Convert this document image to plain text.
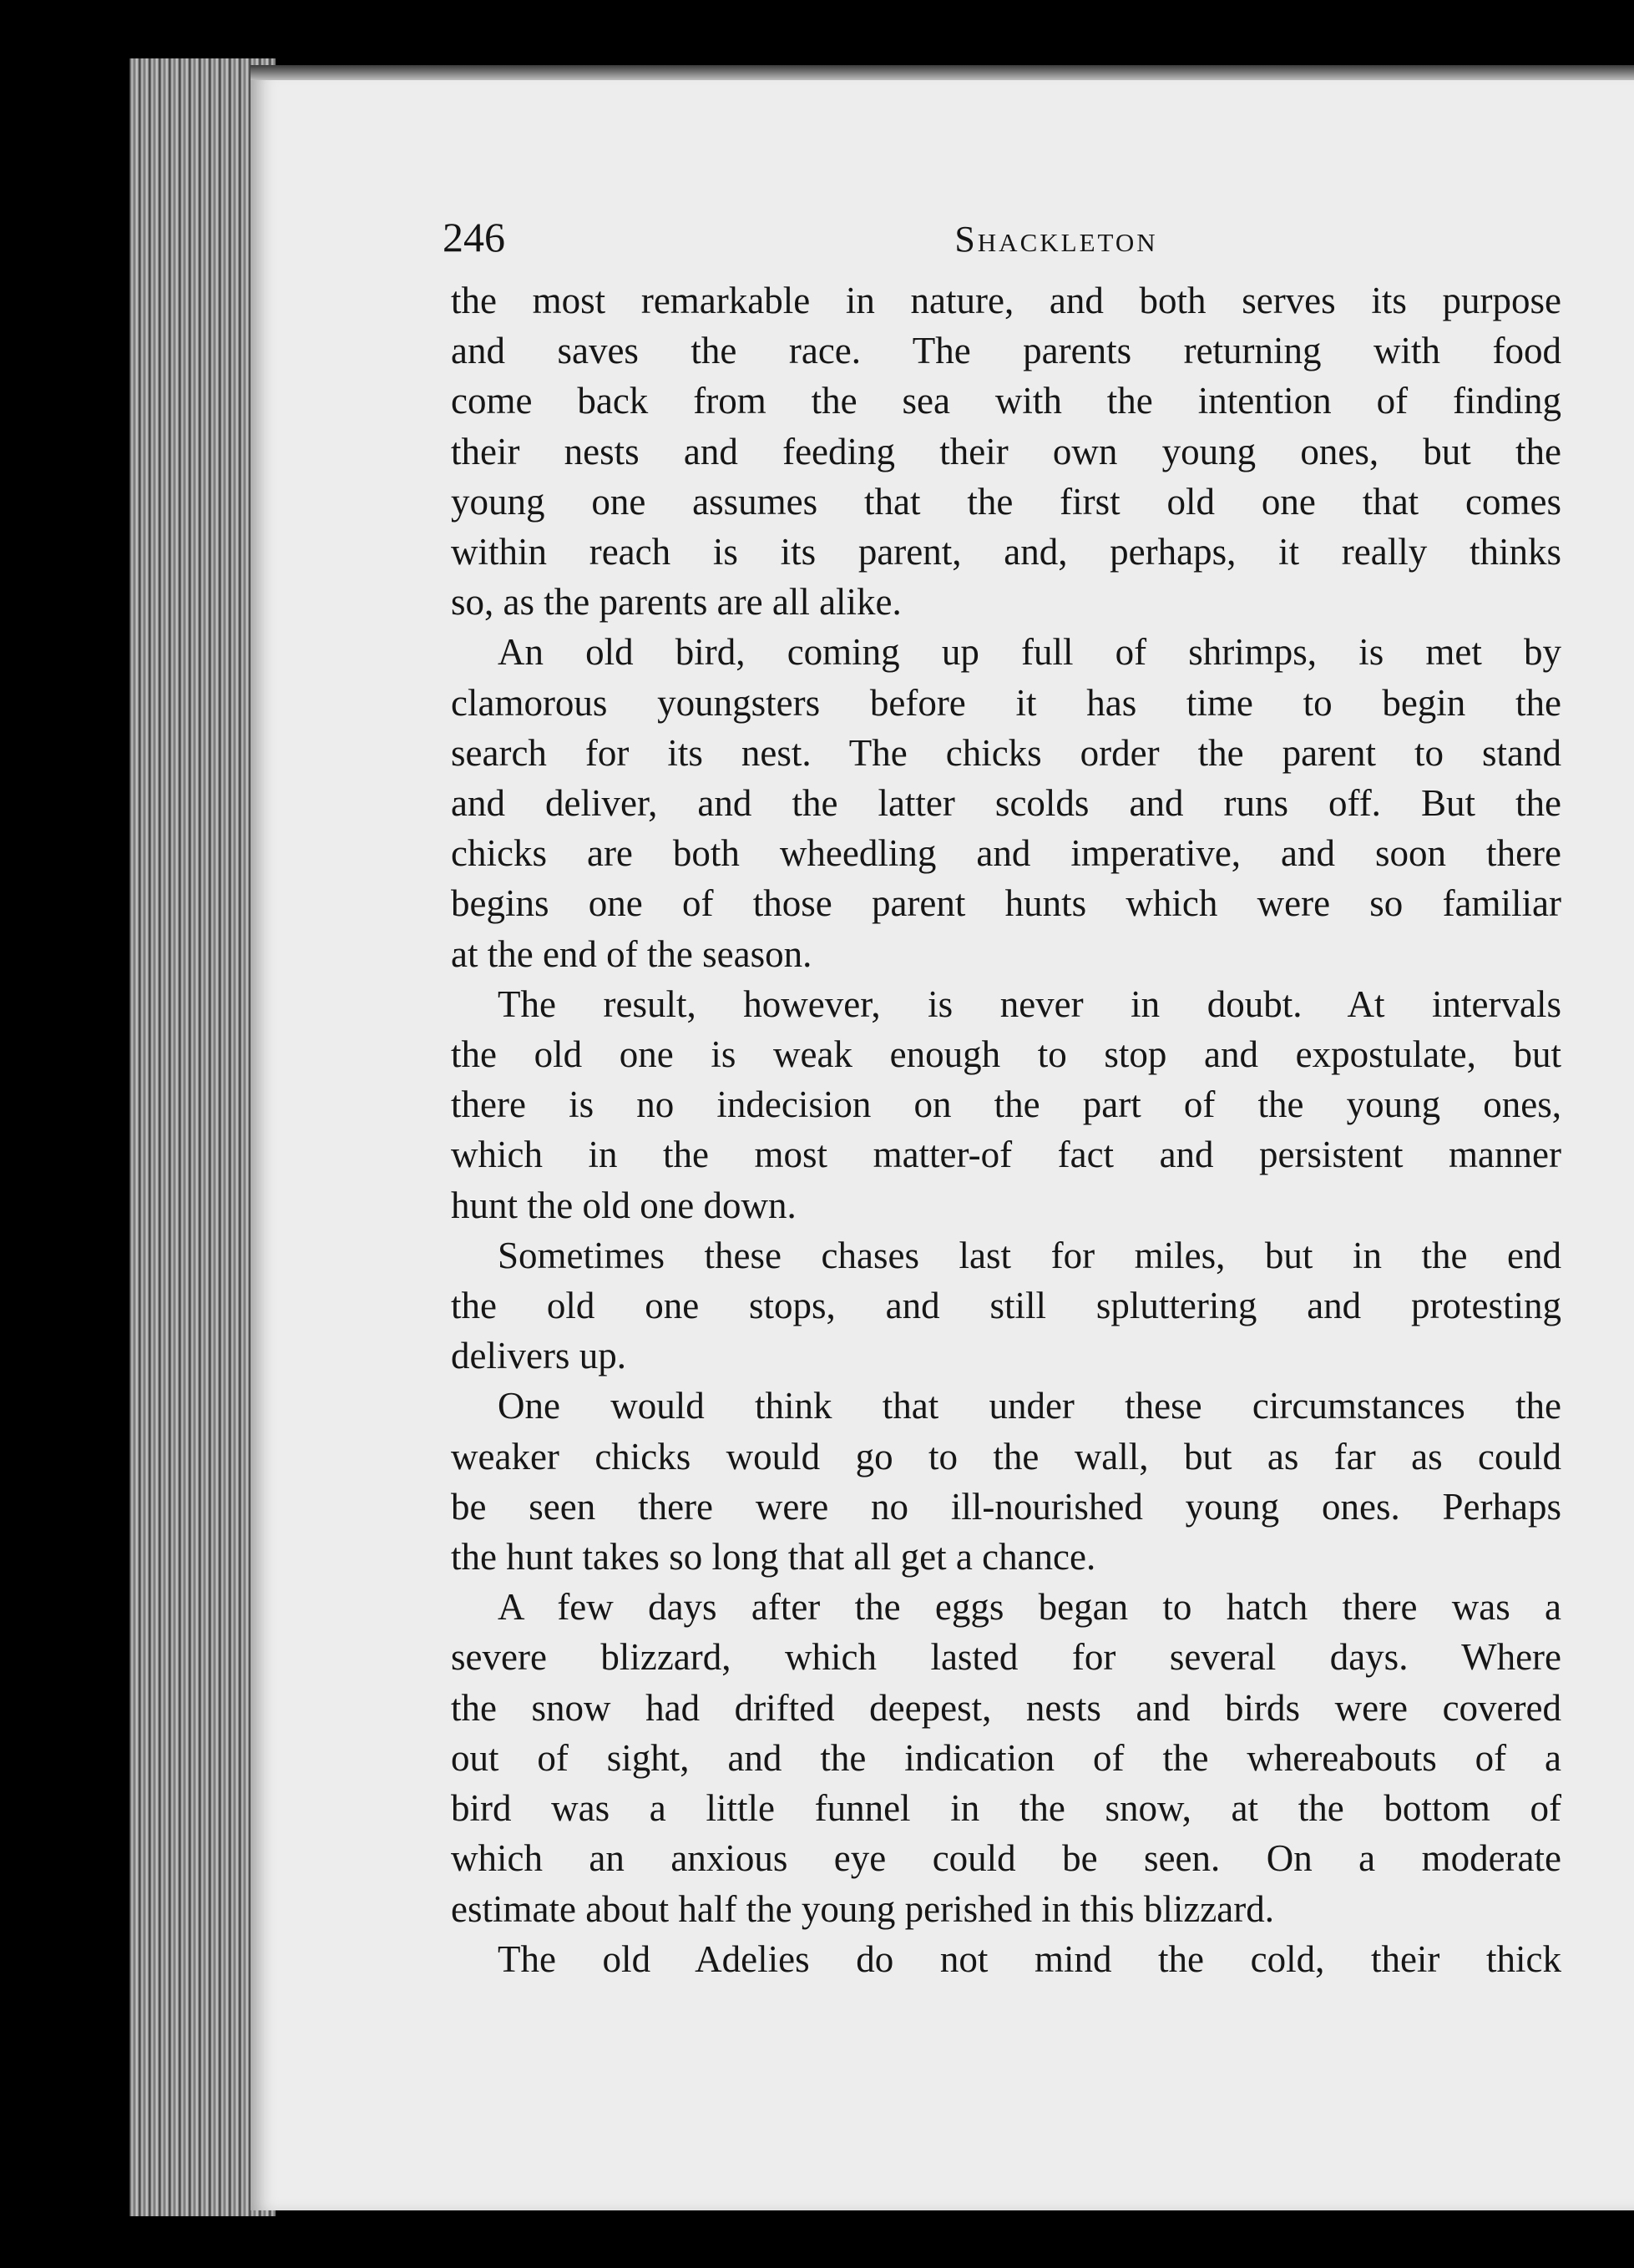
246	Shackleton
the most remarkable in nature, and both serves its purpose
and saves the race. The parents returning with food
come back from the sea with the intention of finding
their nests and feeding their own young ones, but the
young one assumes that the first old one that comes
within reach is its parent, and, perhaps, it really thinks
so, as the parents are all alike.
An old bird, coming up full of shrimps, is met by
clamorous youngsters before it has time to begin the
search for its nest. The chicks order the parent to stand
and deliver, and the latter scolds and runs off. But the
chicks are both wheedling and imperative, and soon there
begins one of those parent hunts which were so familiar
at the end of the season.
The result, however, is never in doubt. At intervals
the old one is weak enough to stop and expostulate, but
there is no indecision on the part of the young ones,
which in the most matter-of fact and persistent manner
hunt the old one down.
Sometimes these chases last for miles, but in the end
the old one stops, and still spluttering and protesting
delivers up.
One would think that under these circumstances the
weaker chicks would go to the wall, but as far as could
be seen there were no ill-nourished young ones. Perhaps
the hunt takes so long that all get a chance.
A few days after the eggs began to hatch there was a
severe blizzard, which lasted for several days. Where
the snow had drifted deepest, nests and birds were covered
out of sight, and the indication of the whereabouts of a
bird was a little funnel in the snow, at the bottom of
which an anxious eye could be seen. On a moderate
estimate about half the young perished in this blizzard.
The old Adelies do not mind the cold, their thick
